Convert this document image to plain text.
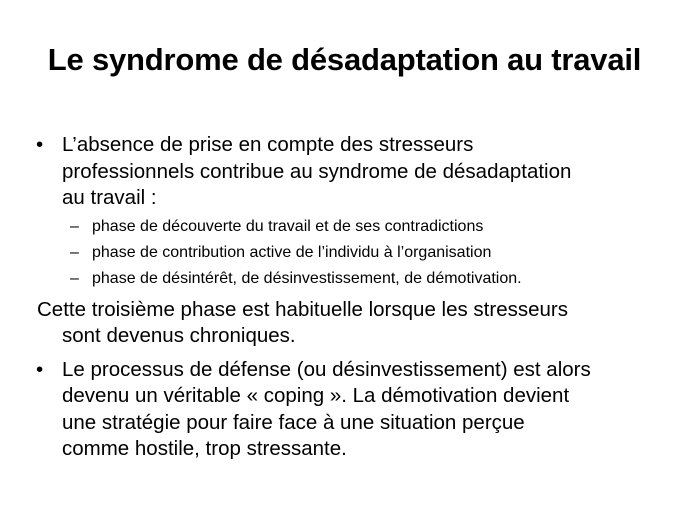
Le syndrome de désadaptation au travail
• L’absence de prise en compte des stresseurs
professionnels contribue au syndrome de désadaptation
au travail :
– phase de découverte du travail et de ses contradictions
– phase de contribution active de l’individu à l’organisation
– phase de désintérêt, de désinvestissement, de démotivation.
Cette troisième phase est habituelle lorsque les stresseurs
sont devenus chroniques.
• Le processus de défense (ou désinvestissement) est alors
devenu un véritable « coping ». La démotivation devient
une stratégie pour faire face à une situation perçue
comme hostile, trop stressante.
